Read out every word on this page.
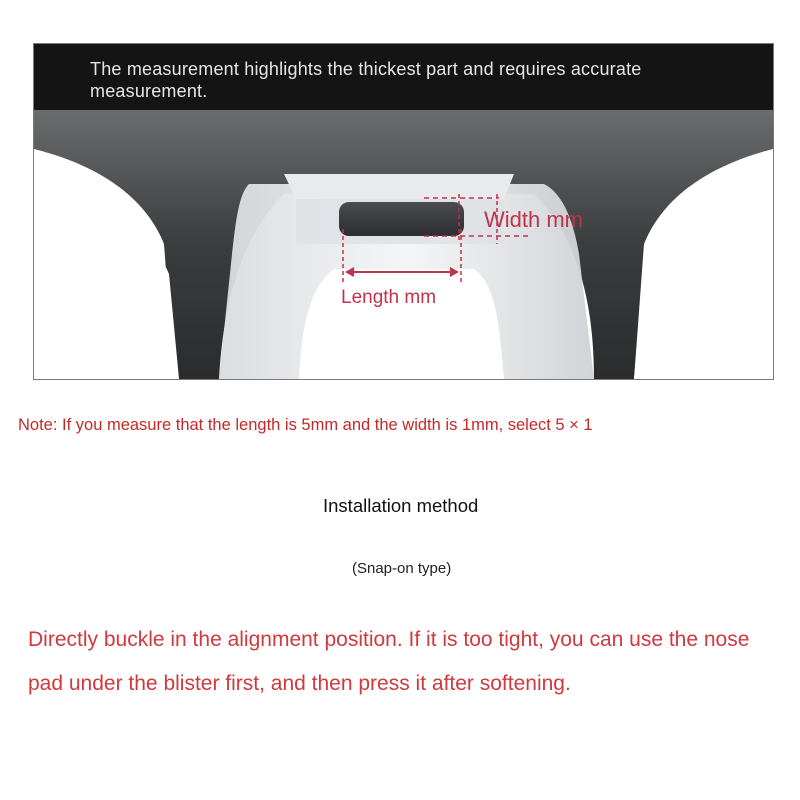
The measurement highlights the thickest part and requires accurate measurement.
Width mm
Length mm
Note: If you measure that the length is 5mm and the width is 1mm, select 5 × 1
Installation method
(Snap-on type)
Directly buckle in the alignment position. If it is too tight, you can use the nose pad under the blister first, and then press it after softening.
